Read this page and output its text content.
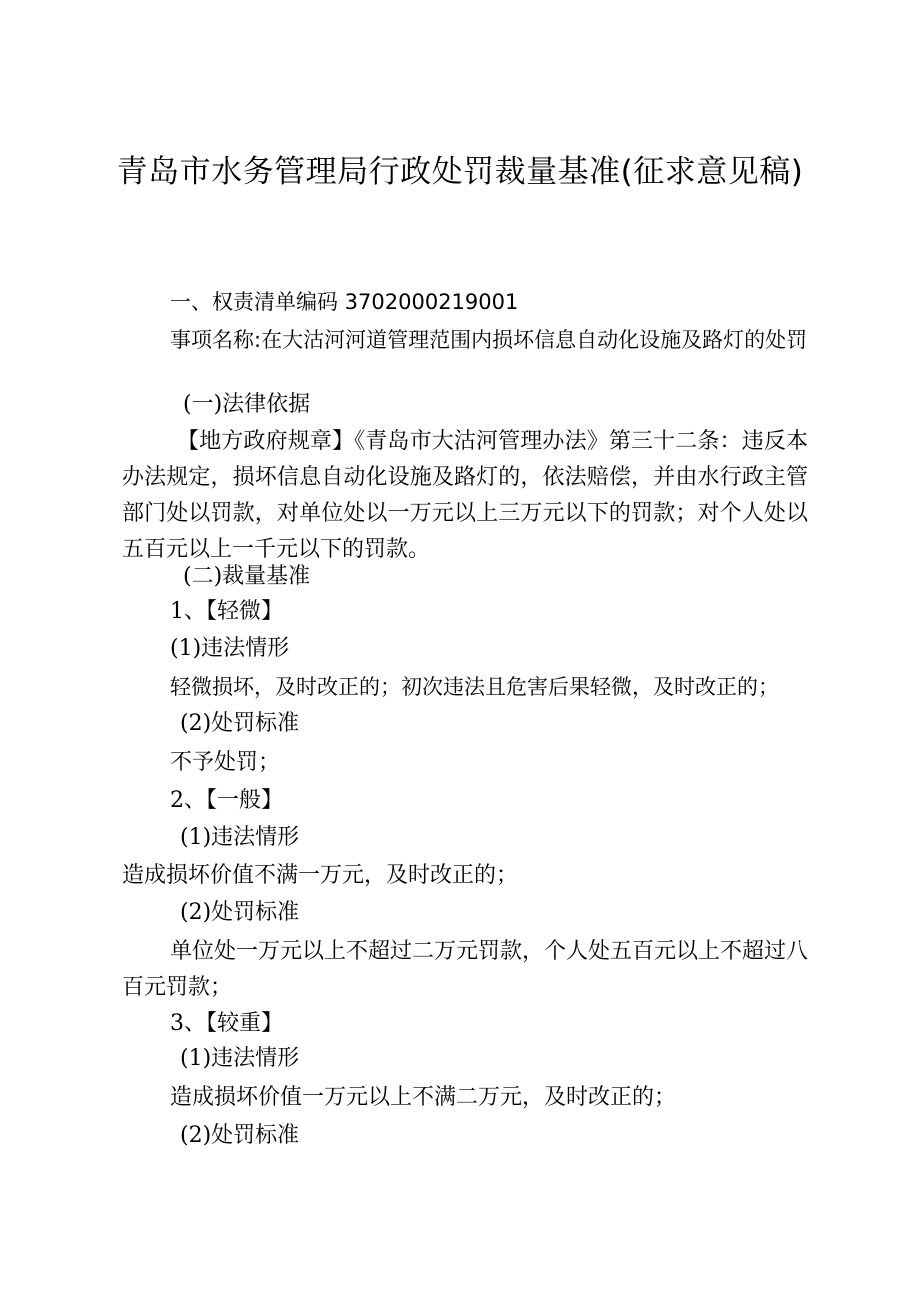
青岛市水务管理局行政处罚裁量基准(征求意见稿)
一、权责清单编码 3702000219001
事项名称:在大沽河河道管理范围内损坏信息自动化设施及路灯的处罚
(一)法律依据
【地方政府规章】《青岛市大沽河管理办法》第三十二条：违反本办法规定，损坏信息自动化设施及路灯的，依法赔偿，并由水行政主管部门处以罚款，对单位处以一万元以上三万元以下的罚款；对个人处以五百元以上一千元以下的罚款。
(二)裁量基准
1、【轻微】
(1)违法情形
轻微损坏，及时改正的；初次违法且危害后果轻微，及时改正的；
(2)处罚标准
不予处罚；
2、【一般】
(1)违法情形
造成损坏价值不满一万元，及时改正的；
(2)处罚标准
单位处一万元以上不超过二万元罚款，个人处五百元以上不超过八百元罚款；
3、【较重】
(1)违法情形
造成损坏价值一万元以上不满二万元，及时改正的；
(2)处罚标准
